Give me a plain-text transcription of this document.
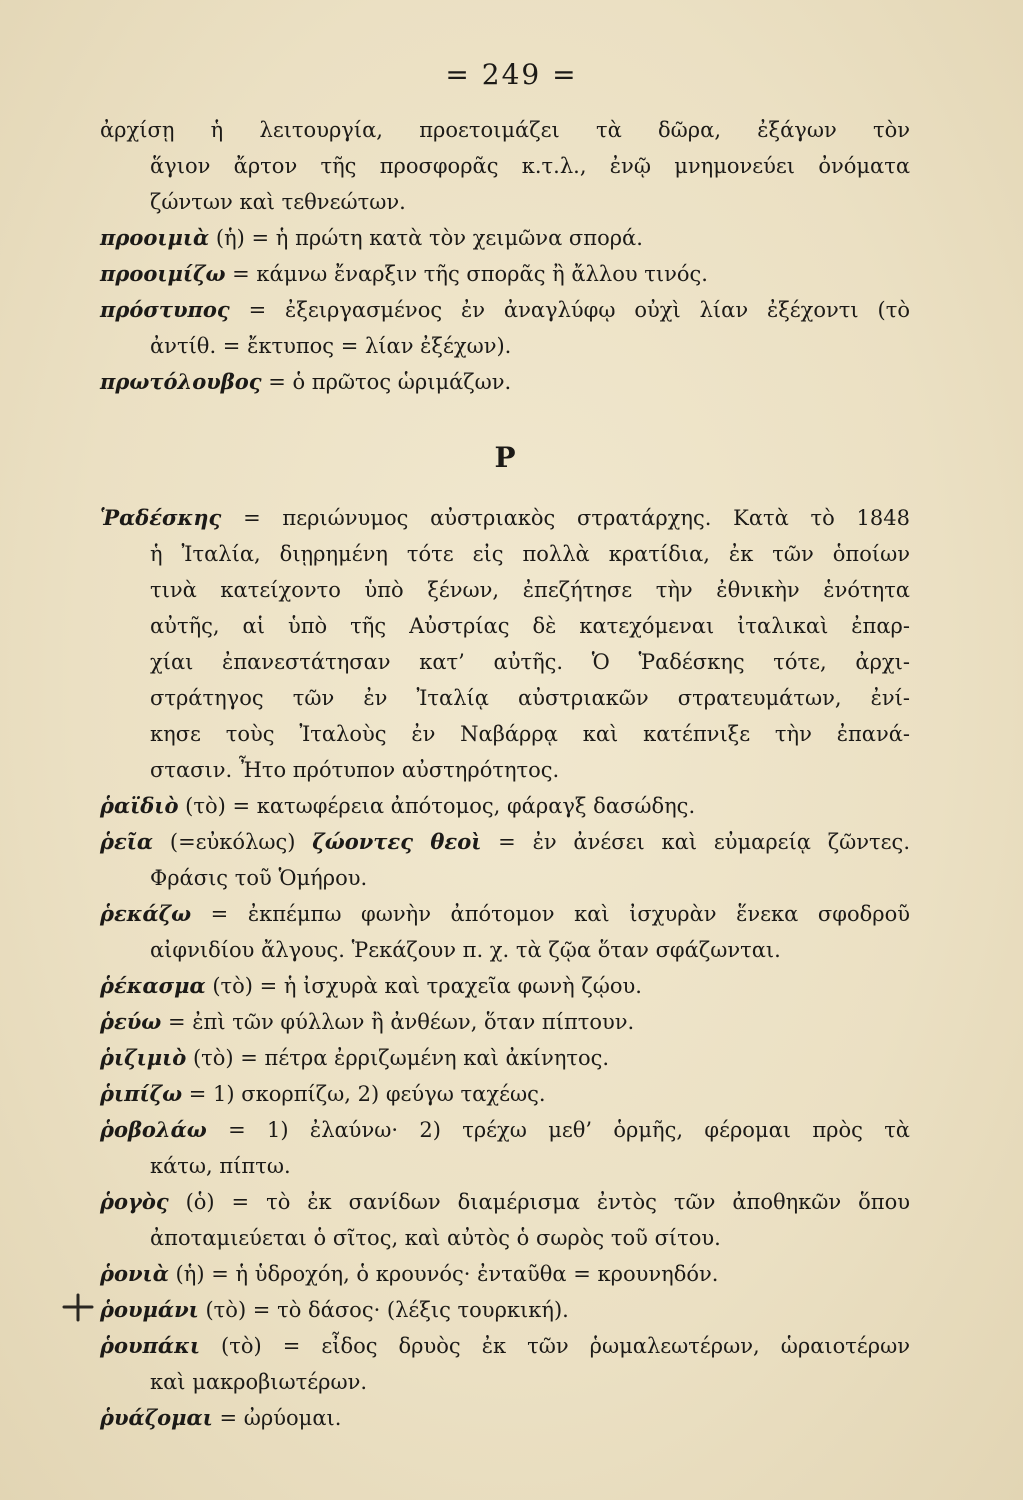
= 249 =
ἀρχίσῃ ἡ λειτουργία, προετοιμάζει τὰ δῶρα, ἐξάγων τὸν
ἅγιον ἄρτον τῆς προσφορᾶς κ.τ.λ., ἐνῷ μνημονεύει ὀνόματα
ζώντων καὶ τεθνεώτων.
προοιμιὰ (ἡ) = ἡ πρώτη κατὰ τὸν χειμῶνα σπορά.
προοιμίζω = κάμνω ἔναρξιν τῆς σπορᾶς ἢ ἄλλου τινός.
πρόστυπος = ἐξειργασμένος ἐν ἀναγλύφῳ οὐχὶ λίαν ἐξέχοντι (τὸ
ἀντίθ. = ἔκτυπος = λίαν ἐξέχων).
πρωτόλουβος = ὁ πρῶτος ὡριμάζων.
Ρ
Ῥαδέσκης = περιώνυμος αὐστριακὸς στρατάρχης. Κατὰ τὸ 1848
ἡ Ἰταλία, διῃρημένη τότε εἰς πολλὰ κρατίδια, ἐκ τῶν ὁποίων
τινὰ κατείχοντο ὑπὸ ξένων, ἐπεζήτησε τὴν ἐθνικὴν ἑνότητα
αὐτῆς, αἱ ὑπὸ τῆς Αὐστρίας δὲ κατεχόμεναι ἰταλικαὶ ἐπαρ-
χίαι ἐπανεστάτησαν κατ’ αὐτῆς. Ὁ Ῥαδέσκης τότε, ἀρχι-
στράτηγος τῶν ἐν Ἰταλίᾳ αὐστριακῶν στρατευμάτων, ἐνί-
κησε τοὺς Ἰταλοὺς ἐν Ναβάρρᾳ καὶ κατέπνιξε τὴν ἐπανά-
στασιν. Ἦτο πρότυπον αὐστηρότητος.
ῥαϊδιὸ (τὸ) = κατωφέρεια ἀπότομος, φάραγξ δασώδης.
ῥεῖα (=εὐκόλως) ζώοντες θεοὶ = ἐν ἀνέσει καὶ εὐμαρείᾳ ζῶντες.
Φράσις τοῦ Ὁμήρου.
ῥεκάζω = ἐκπέμπω φωνὴν ἀπότομον καὶ ἰσχυρὰν ἕνεκα σφοδροῦ
αἰφνιδίου ἄλγους. Ῥεκάζουν π. χ. τὰ ζῷα ὅταν σφάζωνται.
ῥέκασμα (τὸ) = ἡ ἰσχυρὰ καὶ τραχεῖα φωνὴ ζῴου.
ῥεύω = ἐπὶ τῶν φύλλων ἢ ἀνθέων, ὅταν πίπτουν.
ῥιζιμιὸ (τὸ) = πέτρα ἐρριζωμένη καὶ ἀκίνητος.
ῥιπίζω = 1) σκορπίζω, 2) φεύγω ταχέως.
ῥοβολάω = 1) ἐλαύνω· 2) τρέχω μεθ’ ὁρμῆς, φέρομαι πρὸς τὰ
κάτω, πίπτω.
ῥογὸς (ὁ) = τὸ ἐκ σανίδων διαμέρισμα ἐντὸς τῶν ἀποθηκῶν ὅπου
ἀποταμιεύεται ὁ σῖτος, καὶ αὐτὸς ὁ σωρὸς τοῦ σίτου.
ῥονιὰ (ἡ) = ἡ ὑδροχόη, ὁ κρουνός· ἐνταῦθα = κρουνηδόν.
ῥουμάνι (τὸ) = τὸ δάσος· (λέξις τουρκική).
ῥουπάκι (τὸ) = εἶδος δρυὸς ἐκ τῶν ῥωμαλεωτέρων, ὡραιοτέρων
καὶ μακροβιωτέρων.
ῥυάζομαι = ὠρύομαι.
